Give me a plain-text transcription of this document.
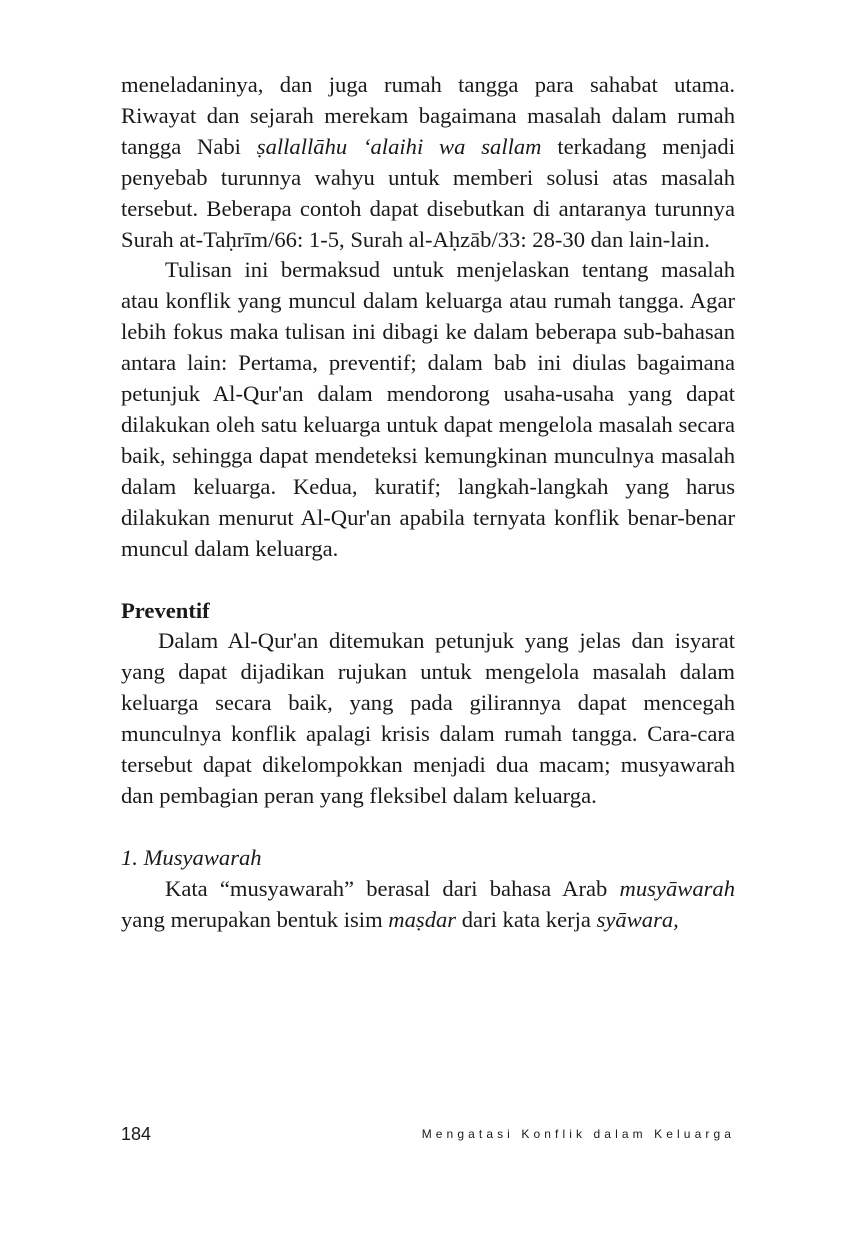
meneladaninya, dan juga rumah tangga para sahabat utama. Riwayat dan sejarah merekam bagaimana masalah dalam rumah tangga Nabi ṣallallāhu ‘alaihi wa sallam terkadang menjadi penyebab turunnya wahyu untuk memberi solusi atas masalah tersebut. Beberapa contoh dapat disebutkan di antaranya turunnya Surah at-Taḥrīm/66: 1-5, Surah al-Aḥzāb/33: 28-30 dan lain-lain.

Tulisan ini bermaksud untuk menjelaskan tentang masalah atau konflik yang muncul dalam keluarga atau rumah tangga. Agar lebih fokus maka tulisan ini dibagi ke dalam beberapa sub-bahasan antara lain: Pertama, preventif; dalam bab ini diulas bagaimana petunjuk Al-Qur'an dalam mendorong usaha-usaha yang dapat dilakukan oleh satu keluarga untuk dapat mengelola masalah secara baik, sehingga dapat mendeteksi kemungkinan munculnya masalah dalam keluarga. Kedua, kuratif; langkah-langkah yang harus dilakukan menurut Al-Qur'an apabila ternyata konflik benar-benar muncul dalam keluarga.

Preventif

Dalam Al-Qur'an ditemukan petunjuk yang jelas dan isyarat yang dapat dijadikan rujukan untuk mengelola masalah dalam keluarga secara baik, yang pada gilirannya dapat mencegah munculnya konflik apalagi krisis dalam rumah tangga. Cara-cara tersebut dapat dikelompokkan menjadi dua macam; musyawarah dan pembagian peran yang fleksibel dalam keluarga.

1. Musyawarah

Kata “musyawarah” berasal dari bahasa Arab musyāwarah yang merupakan bentuk isim maṣdar dari kata kerja syāwara,

184	Mengatasi Konflik dalam Keluarga
